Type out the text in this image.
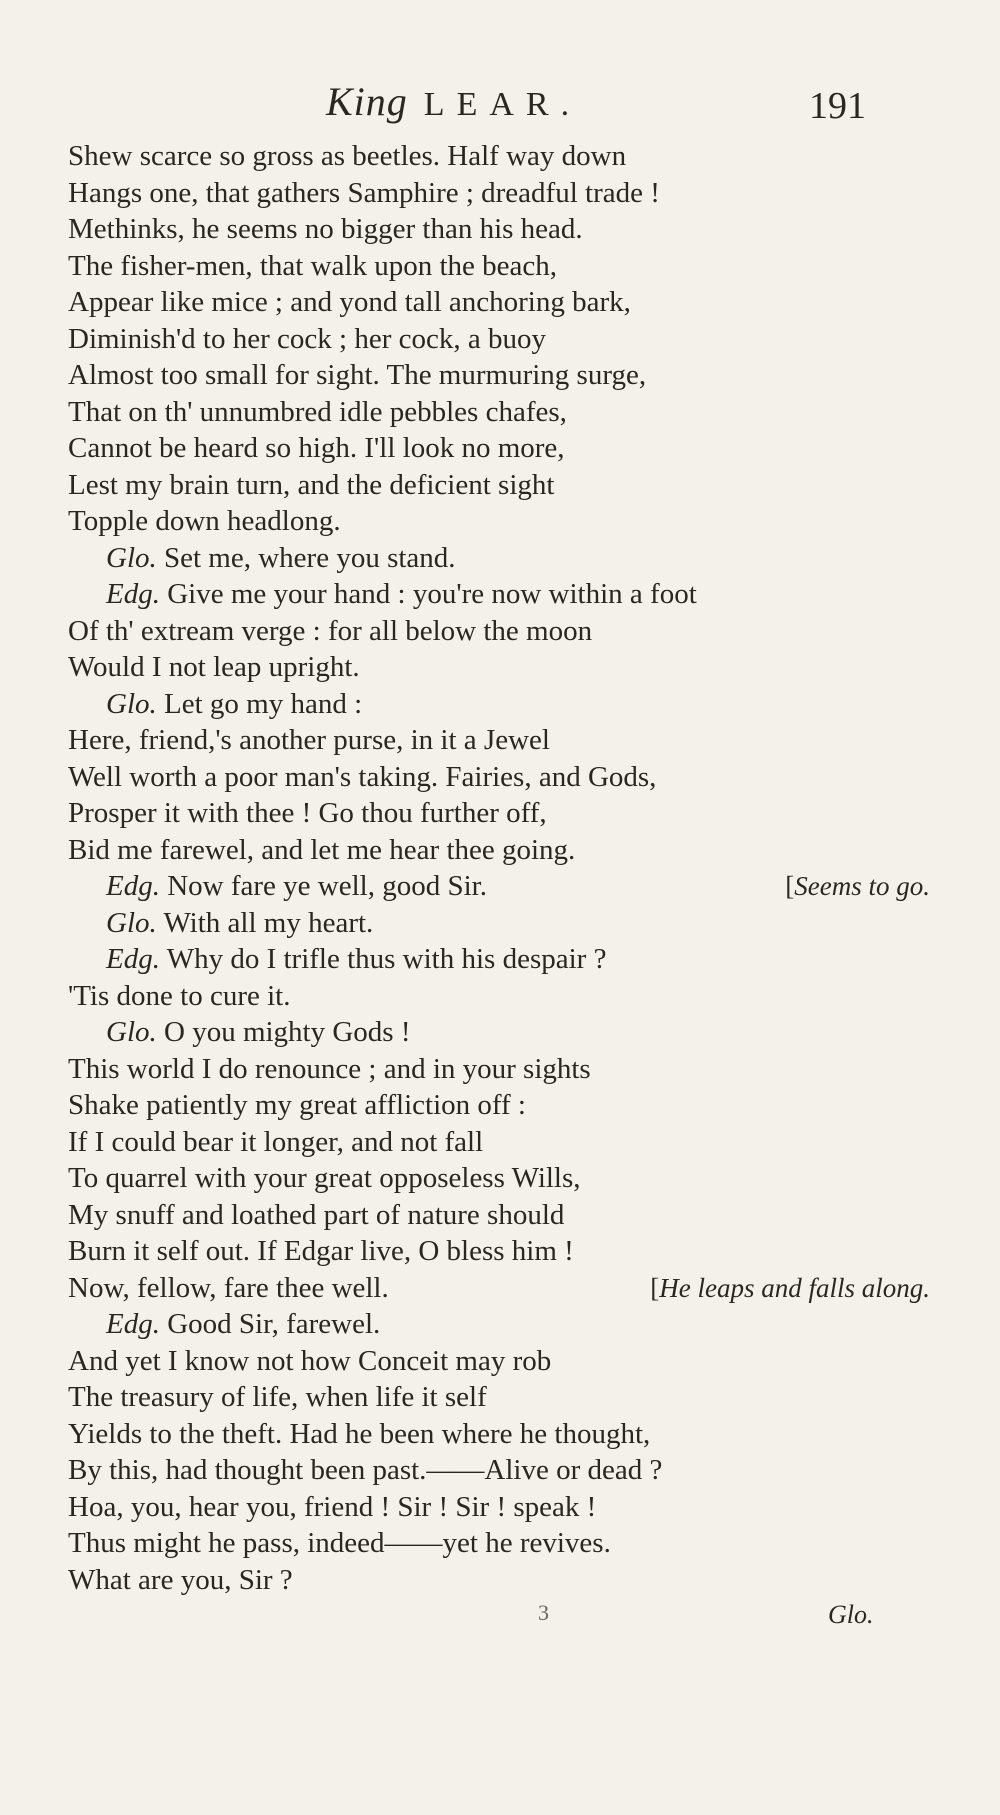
King LEAR.	191
Shew scarce so gross as beetles. Half way down
Hangs one, that gathers Samphire ; dreadful trade !
Methinks, he seems no bigger than his head.
The fisher-men, that walk upon the beach,
Appear like mice ; and yond tall anchoring bark,
Diminish'd to her cock ; her cock, a buoy
Almost too small for sight. The murmuring surge,
That on th' unnumbred idle pebbles chafes,
Cannot be heard so high. I'll look no more,
Lest my brain turn, and the deficient sight
Topple down headlong.
Glo. Set me, where you stand.
Edg. Give me your hand : you're now within a foot
Of th' extream verge : for all below the moon
Would I not leap upright.
Glo. Let go my hand :
Here, friend,'s another purse, in it a Jewel
Well worth a poor man's taking. Fairies, and Gods,
Prosper it with thee ! Go thou further off,
Bid me farewel, and let me hear thee going.
Edg. Now fare ye well, good Sir.	[Seems to go.
Glo. With all my heart.
Edg. Why do I trifle thus with his despair ?
'Tis done to cure it.
Glo. O you mighty Gods !
This world I do renounce ; and in your sights
Shake patiently my great affliction off :
If I could bear it longer, and not fall
To quarrel with your great opposeless Wills,
My snuff and loathed part of nature should
Burn it self out. If Edgar live, O bless him !
Now, fellow, fare thee well.	[He leaps and falls along.
Edg. Good Sir, farewel.
And yet I know not how Conceit may rob
The treasury of life, when life it self
Yields to the theft. Had he been where he thought,
By this, had thought been past.——Alive or dead ?
Hoa, you, hear you, friend ! Sir ! Sir ! speak !
Thus might he pass, indeed——yet he revives.
What are you, Sir ?
3	Glo.
